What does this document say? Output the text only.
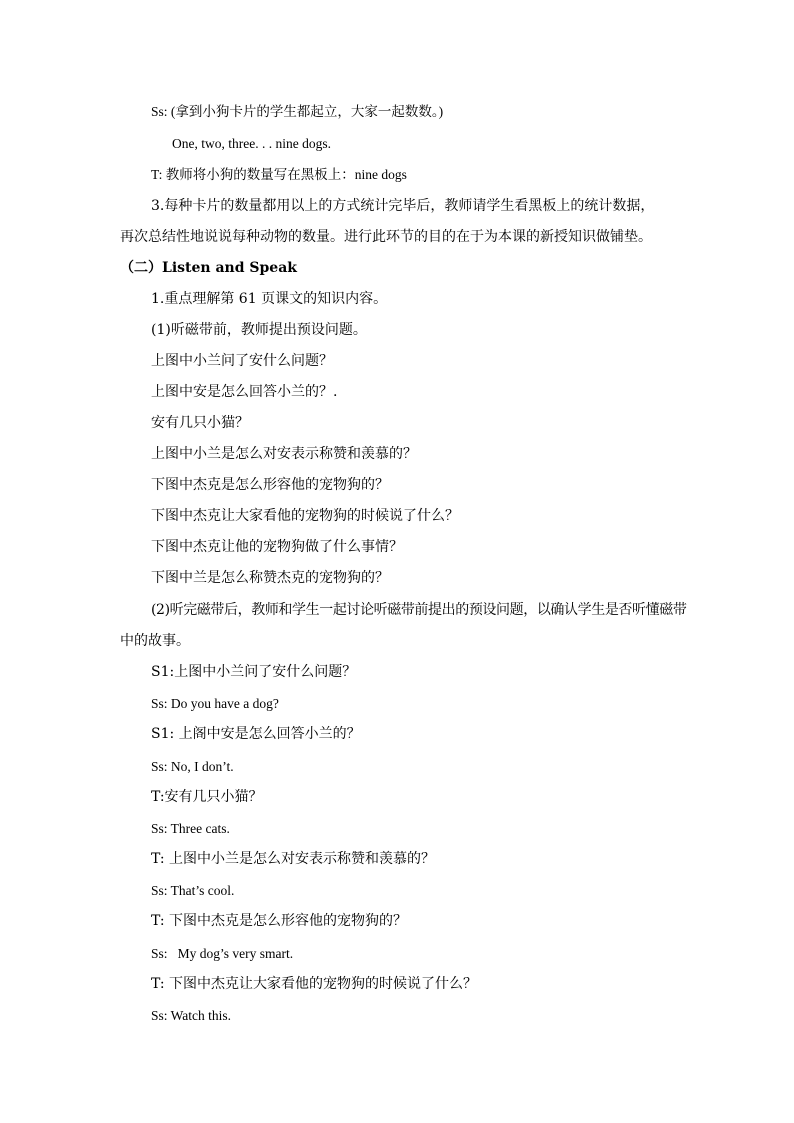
Ss: (拿到小狗卡片的学生都起立，大家一起数数。)
One, two, three. . . nine dogs.
T: 教师将小狗的数量写在黑板上：nine dogs
3.每种卡片的数量都用以上的方式统计完毕后，教师请学生看黑板上的统计数据，
再次总结性地说说每种动物的数量。进行此环节的目的在于为本课的新授知识做铺垫。
（二）Listen and Speak
1.重点理解第 61 页课文的知识内容。
(1)听磁带前，教师提出预设问题。
上图中小兰问了安什么问题？
上图中安是怎么回答小兰的？.
安有几只小猫？
上图中小兰是怎么对安表示称赞和羡慕的？
下图中杰克是怎么形容他的宠物狗的？
下图中杰克让大家看他的宠物狗的时候说了什么？
下图中杰克让他的宠物狗做了什么事情？
下图中兰是怎么称赞杰克的宠物狗的？
(2)听完磁带后，教师和学生一起讨论听磁带前提出的预设问题，以确认学生是否听懂磁带
中的故事。
S1:上图中小兰问了安什么问题？
Ss: Do you have a dog?
S1: 上阁中安是怎么回答小兰的？
Ss: No, I don’t.
T:安有几只小猫？
Ss: Three cats.
T: 上图中小兰是怎么对安表示称赞和羡慕的？
Ss: That’s cool.
T: 下图中杰克是怎么形容他的宠物狗的？
Ss:   My dog’s very smart.
T: 下图中杰克让大家看他的宠物狗的时候说了什么？
Ss: Watch this.
